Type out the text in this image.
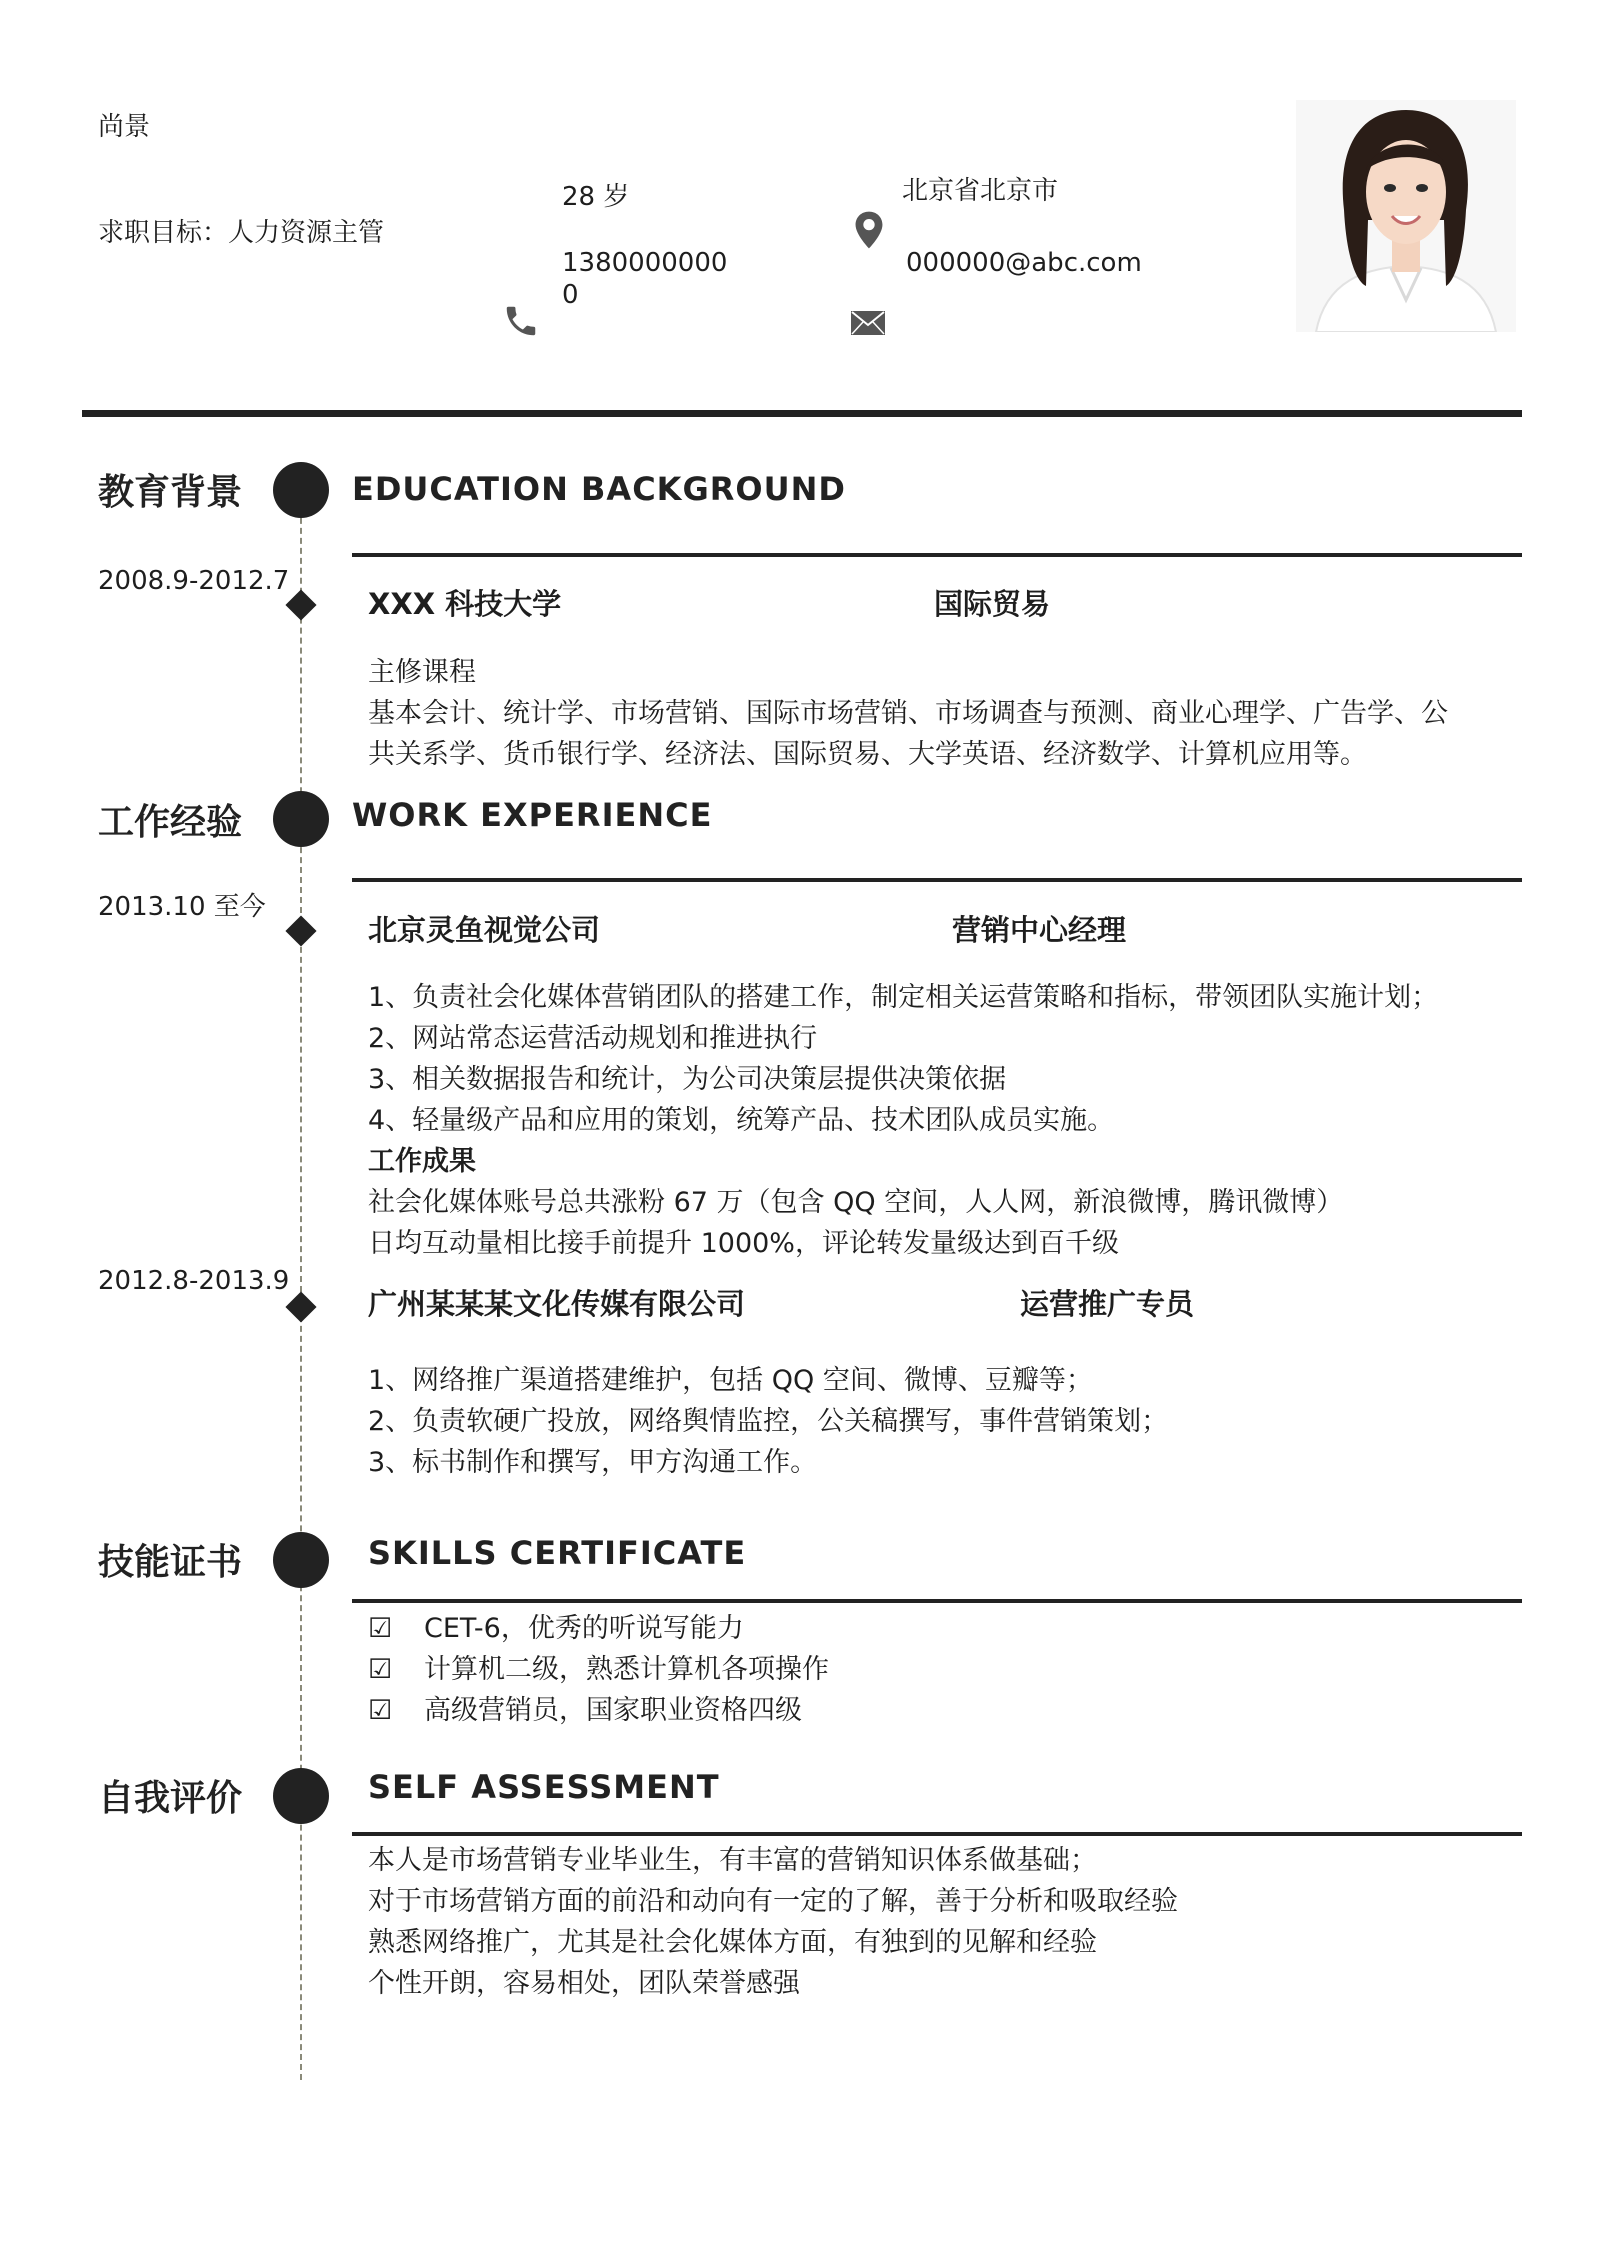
尚景
求职目标：人力资源主管
28 岁
1380000000
0
北京省北京市
000000@abc.com
教育背景	EDUCATION BACKGROUND
2008.9-2012.7
XXX 科技大学	国际贸易
主修课程
基本会计、统计学、市场营销、国际市场营销、市场调查与预测、商业心理学、广告学、公
共关系学、货币银行学、经济法、国际贸易、大学英语、经济数学、计算机应用等。
工作经验	WORK EXPERIENCE
2013.10 至今
北京灵鱼视觉公司	营销中心经理
1、负责社会化媒体营销团队的搭建工作，制定相关运营策略和指标，带领团队实施计划；
2、网站常态运营活动规划和推进执行
3、相关数据报告和统计，为公司决策层提供决策依据
4、轻量级产品和应用的策划，统筹产品、技术团队成员实施。
工作成果
社会化媒体账号总共涨粉 67 万（包含 QQ 空间，人人网，新浪微博，腾讯微博）
日均互动量相比接手前提升 1000%，评论转发量级达到百千级
2012.8-2013.9
广州某某某文化传媒有限公司	运营推广专员
1、网络推广渠道搭建维护，包括 QQ 空间、微博、豆瓣等；
2、负责软硬广投放，网络舆情监控，公关稿撰写，事件营销策划；
3、标书制作和撰写，甲方沟通工作。
技能证书	SKILLS CERTIFICATE
☑ CET-6，优秀的听说写能力
☑ 计算机二级，熟悉计算机各项操作
☑ 高级营销员，国家职业资格四级
自我评价	SELF ASSESSMENT
本人是市场营销专业毕业生，有丰富的营销知识体系做基础；
对于市场营销方面的前沿和动向有一定的了解，善于分析和吸取经验
熟悉网络推广，尤其是社会化媒体方面，有独到的见解和经验
个性开朗，容易相处，团队荣誉感强
